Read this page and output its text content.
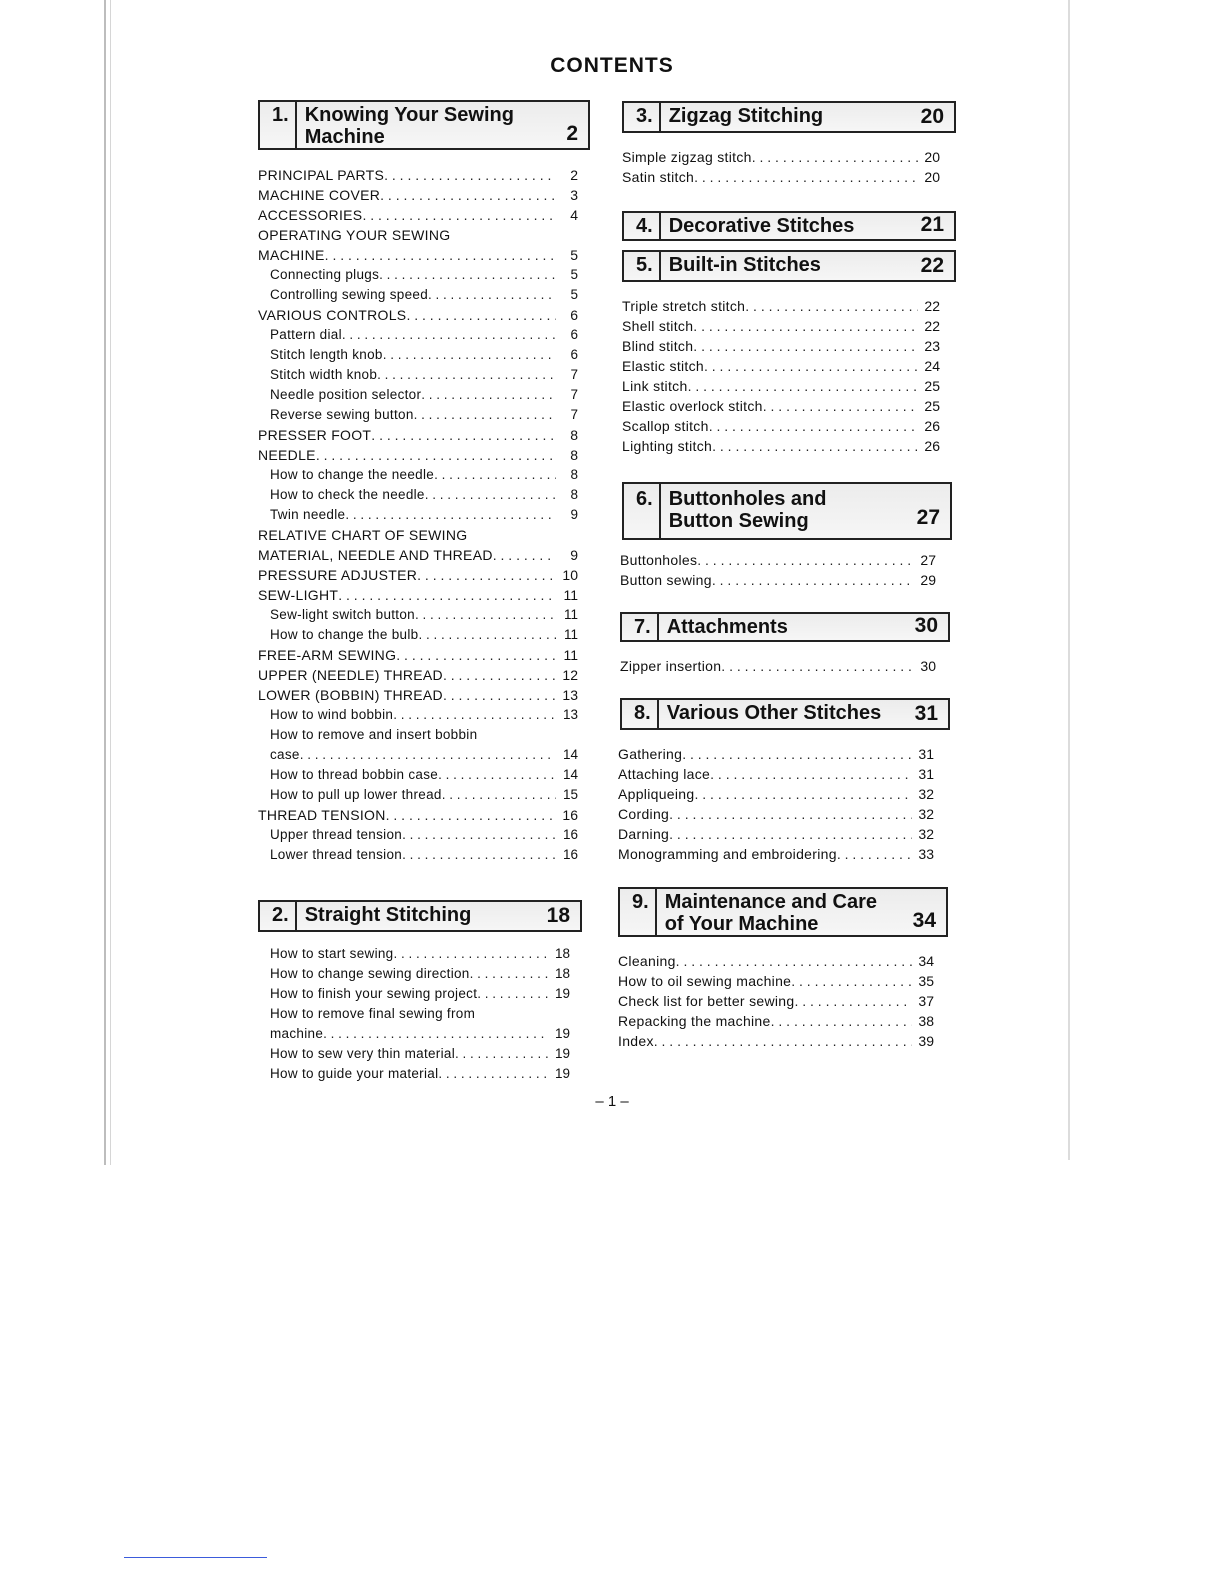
CONTENTS
1. Knowing Your Sewing
Machine	2
PRINCIPAL PARTS . . .	2
MACHINE COVER . . .	3
ACCESSORIES . . .	4
OPERATING YOUR SEWING
MACHINE . . .	5
Connecting plugs . . .	5
Controlling sewing speed . . .	5
VARIOUS CONTROLS . . .	6
Pattern dial . . .	6
Stitch length knob . . .	6
Stitch width knob . . .	7
Needle position selector . . .	7
Reverse sewing button . . .	7
PRESSER FOOT . . .	8
NEEDLE . . .	8
How to change the needle . . .	8
How to check the needle . . .	8
Twin needle . . .	9
RELATIVE CHART OF SEWING
MATERIAL, NEEDLE AND THREAD . . .	9
PRESSURE ADJUSTER . . .	10
SEW-LIGHT . . .	11
Sew-light switch button . . .	11
How to change the bulb . . .	11
FREE-ARM SEWING . . .	11
UPPER (NEEDLE) THREAD . . .	12
LOWER (BOBBIN) THREAD . . .	13
How to wind bobbin . . .	13
How to remove and insert bobbin
case . . .	14
How to thread bobbin case . . .	14
How to pull up lower thread . . .	15
THREAD TENSION . . .	16
Upper thread tension . . .	16
Lower thread tension . . .	16
2. Straight Stitching	18
How to start sewing . . .	18
How to change sewing direction . . .	18
How to finish your sewing project . . .	19
How to remove final sewing from
machine . . .	19
How to sew very thin material . . .	19
How to guide your material . . .	19
3. Zigzag Stitching	20
Simple zigzag stitch . . .	20
Satin stitch . . .	20
4. Decorative Stitches	21
5. Built-in Stitches	22
Triple stretch stitch . . .	22
Shell stitch . . .	22
Blind stitch . . .	23
Elastic stitch . . .	24
Link stitch . . .	25
Elastic overlock stitch . . .	25
Scallop stitch . . .	26
Lighting stitch . . .	26
6. Buttonholes and
Button Sewing	27
Buttonholes . . .	27
Button sewing . . .	29
7. Attachments	30
Zipper insertion . . .	30
8. Various Other Stitches	31
Gathering . . .	31
Attaching lace . . .	31
Appliqueing . . .	32
Cording . . .	32
Darning . . .	32
Monogramming and embroidering . . .	33
9. Maintenance and Care
of Your Machine	34
Cleaning . . .	34
How to oil sewing machine . . .	35
Check list for better sewing . . .	37
Repacking the machine . . .	38
Index . . .	39
– 1 –
